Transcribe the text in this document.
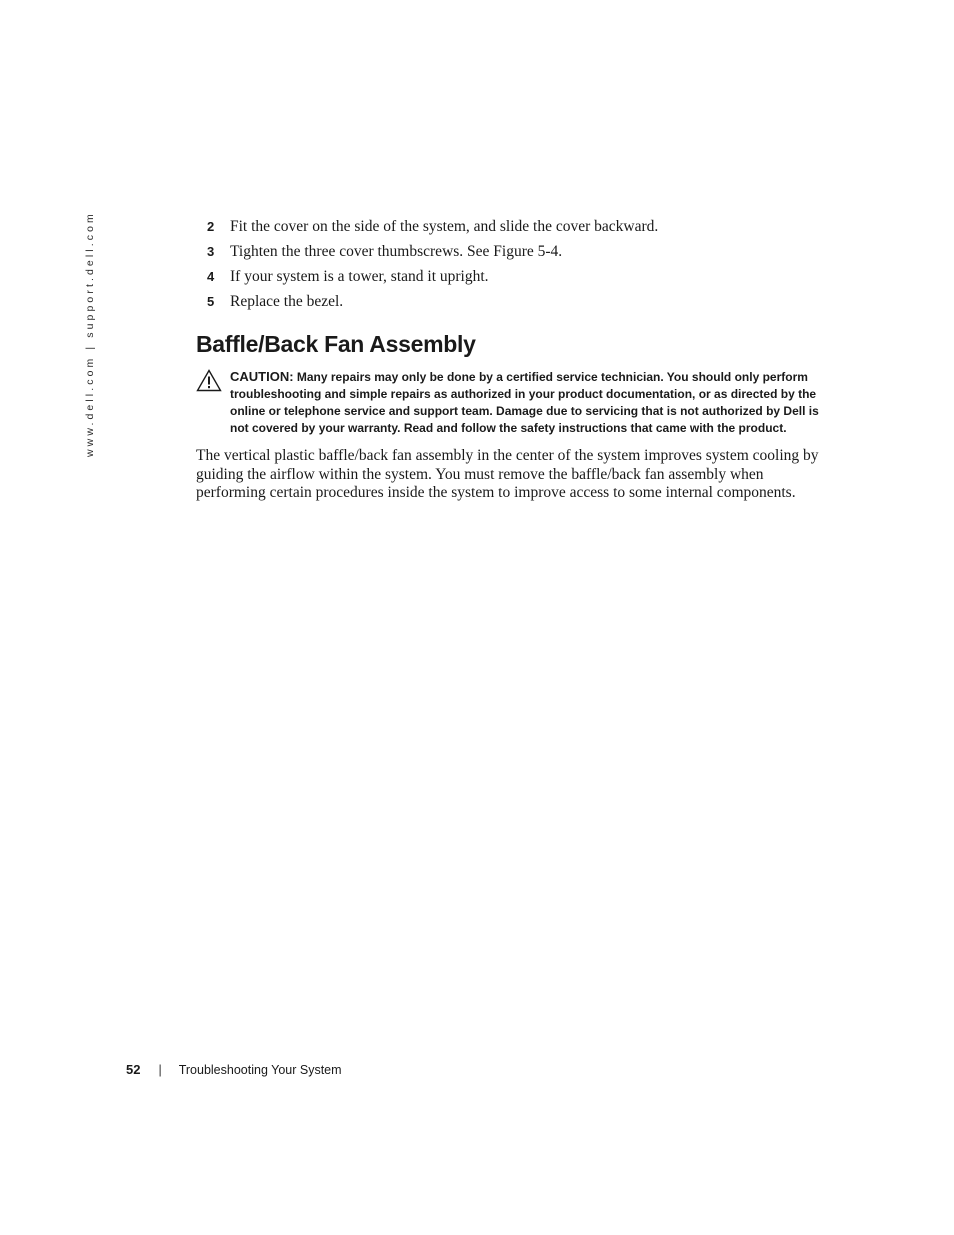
www.dell.com | support.dell.com	2	Fit the cover on the side of the system, and slide the cover backward.
3	Tighten the three cover thumbscrews. See Figure 5-4.
4	If your system is a tower, stand it upright.
5	Replace the bezel.
Baffle/Back Fan Assembly

CAUTION: Many repairs may only be done by a certified service technician. You should only perform
troubleshooting and simple repairs as authorized in your product documentation, or as directed by the
online or telephone service and support team. Damage due to servicing that is not authorized by Dell is
not covered by your warranty. Read and follow the safety instructions that came with the product.

The vertical plastic baffle/back fan assembly in the center of the system improves system cooling by
guiding the airflow within the system. You must remove the baffle/back fan assembly when
performing certain procedures inside the system to improve access to some internal components.

52 | Troubleshooting Your System
